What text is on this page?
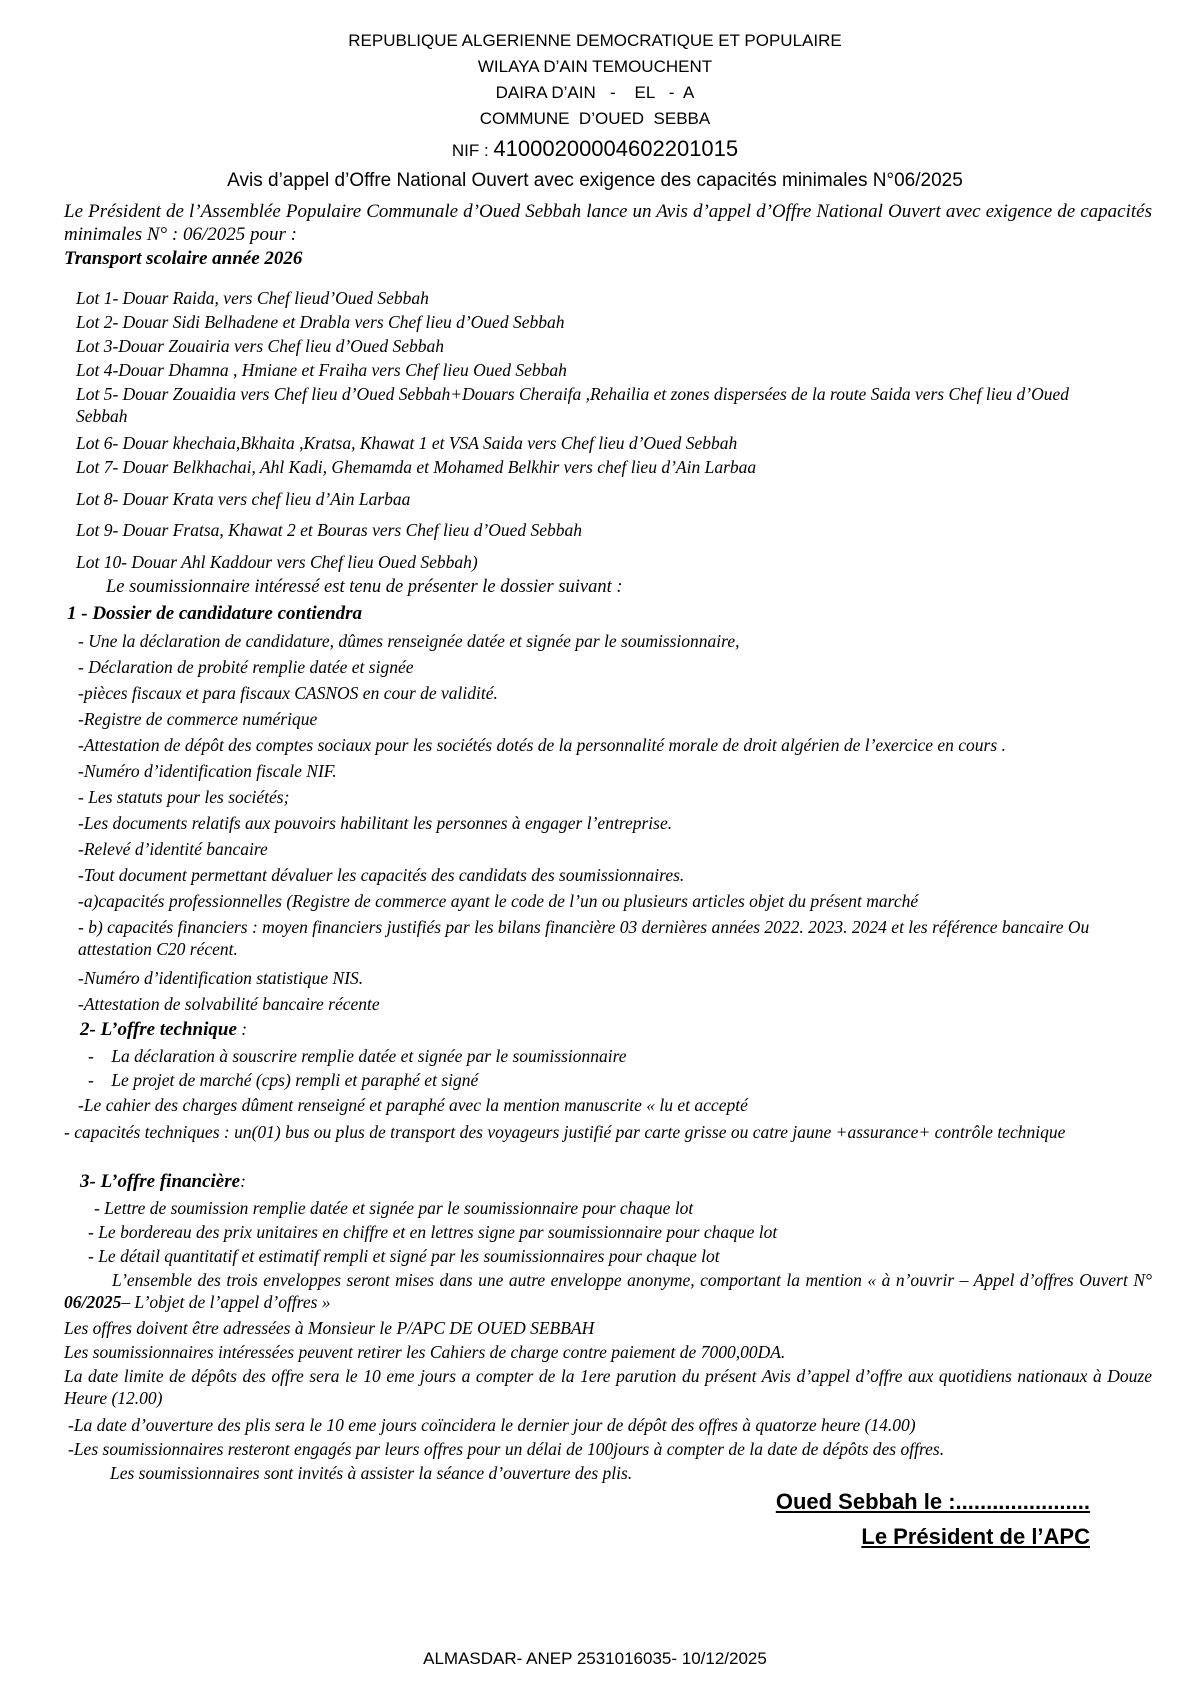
REPUBLIQUE ALGERIENNE DEMOCRATIQUE ET POPULAIRE
WILAYA D’AIN TEMOUCHENT
DAIRA D’AIN   -    EL   -  A
COMMUNE  D’OUED  SEBBA
NIF : 41000200004602201015
Avis d’appel d’Offre National Ouvert avec exigence des capacités minimales N°06/2025
Le Président de l’Assemblée Populaire Communale d’Oued Sebbah lance un Avis d’appel d’Offre National Ouvert avec exigence de capacités minimales N° : 06/2025 pour :
Transport scolaire année 2026
Lot 1- Douar Raida, vers Chef lieud’Oued Sebbah
Lot 2- Douar Sidi Belhadene et Drabla vers Chef lieu d’Oued Sebbah
Lot 3-Douar Zouairia vers Chef lieu d’Oued Sebbah
Lot 4-Douar Dhamna , Hmiane et Fraiha vers Chef lieu Oued Sebbah
Lot 5- Douar Zouaidia vers Chef lieu d’Oued Sebbah+Douars Cheraifa ,Rehailia et zones dispersées de la route Saida vers Chef lieu d’Oued Sebbah
Lot 6- Douar khechaia,Bkhaita ,Kratsa, Khawat 1 et VSA Saida vers Chef lieu d’Oued Sebbah
Lot 7- Douar Belkhachai, Ahl Kadi, Ghemamda et Mohamed Belkhir vers chef lieu d’Ain Larbaa
Lot 8- Douar Krata vers chef lieu d’Ain Larbaa
Lot 9- Douar Fratsa, Khawat 2 et Bouras vers Chef lieu d’Oued Sebbah
Lot 10- Douar Ahl Kaddour vers Chef lieu Oued Sebbah)
Le soumissionnaire intéressé est tenu de présenter le dossier suivant :
1 - Dossier de candidature contiendra
- Une la déclaration de candidature, dûmes renseignée datée et signée par le soumissionnaire,
- Déclaration de probité remplie datée et signée
-pièces fiscaux et para fiscaux CASNOS en cour de validité.
-Registre de commerce numérique
-Attestation de dépôt des comptes sociaux pour les sociétés dotés de la personnalité morale de droit algérien de l’exercice en cours .
-Numéro d’identification fiscale NIF.
- Les statuts pour les sociétés;
-Les documents relatifs aux pouvoirs habilitant les personnes à engager l’entreprise.
-Relevé d’identité bancaire
-Tout document permettant dévaluer les capacités des candidats des soumissionnaires.
-a)capacités professionnelles (Registre de commerce ayant le code de l’un ou plusieurs articles objet du présent marché
- b) capacités financiers : moyen financiers justifiés par les bilans financière 03 dernières années 2022. 2023. 2024 et les référence bancaire Ou attestation C20 récent.
-Numéro d’identification statistique NIS.
-Attestation de solvabilité bancaire récente
2- L’offre technique :
-    La déclaration à souscrire remplie datée et signée par le soumissionnaire
-    Le projet de marché (cps) rempli et paraphé et signé
-Le cahier des charges dûment renseigné et paraphé avec la mention manuscrite « lu et accepté
- capacités techniques : un(01) bus ou plus de transport des voyageurs justifié par carte grisse ou catre jaune +assurance+ contrôle technique
3- L’offre financière:
- Lettre de soumission remplie datée et signée par le soumissionnaire pour chaque lot
- Le bordereau des prix unitaires en chiffre et en lettres signe par soumissionnaire pour chaque lot
- Le détail quantitatif et estimatif rempli et signé par les soumissionnaires pour chaque lot
L’ensemble des trois enveloppes seront mises dans une autre enveloppe anonyme, comportant la mention « à n’ouvrir – Appel d’offres Ouvert N° 06/2025– L’objet de l’appel d’offres »
Les offres doivent être adressées à Monsieur le P/APC DE OUED SEBBAH
Les soumissionnaires intéressées peuvent retirer les Cahiers de charge contre paiement de 7000,00DA.
La date limite de dépôts des offre sera le 10 eme jours a compter de la 1ere parution du présent Avis d’appel d’offre aux quotidiens nationaux à Douze Heure (12.00)
-La date d’ouverture des plis sera le 10 eme jours coïncidera le dernier jour de dépôt des offres à quatorze heure (14.00)
-Les soumissionnaires resteront engagés par leurs offres pour un délai de 100jours à compter de la date de dépôts des offres.
Les soumissionnaires sont invités à assister la séance d’ouverture des plis.
Oued Sebbah le :......................
Le Président de l’APC
ALMASDAR- ANEP 2531016035- 10/12/2025
